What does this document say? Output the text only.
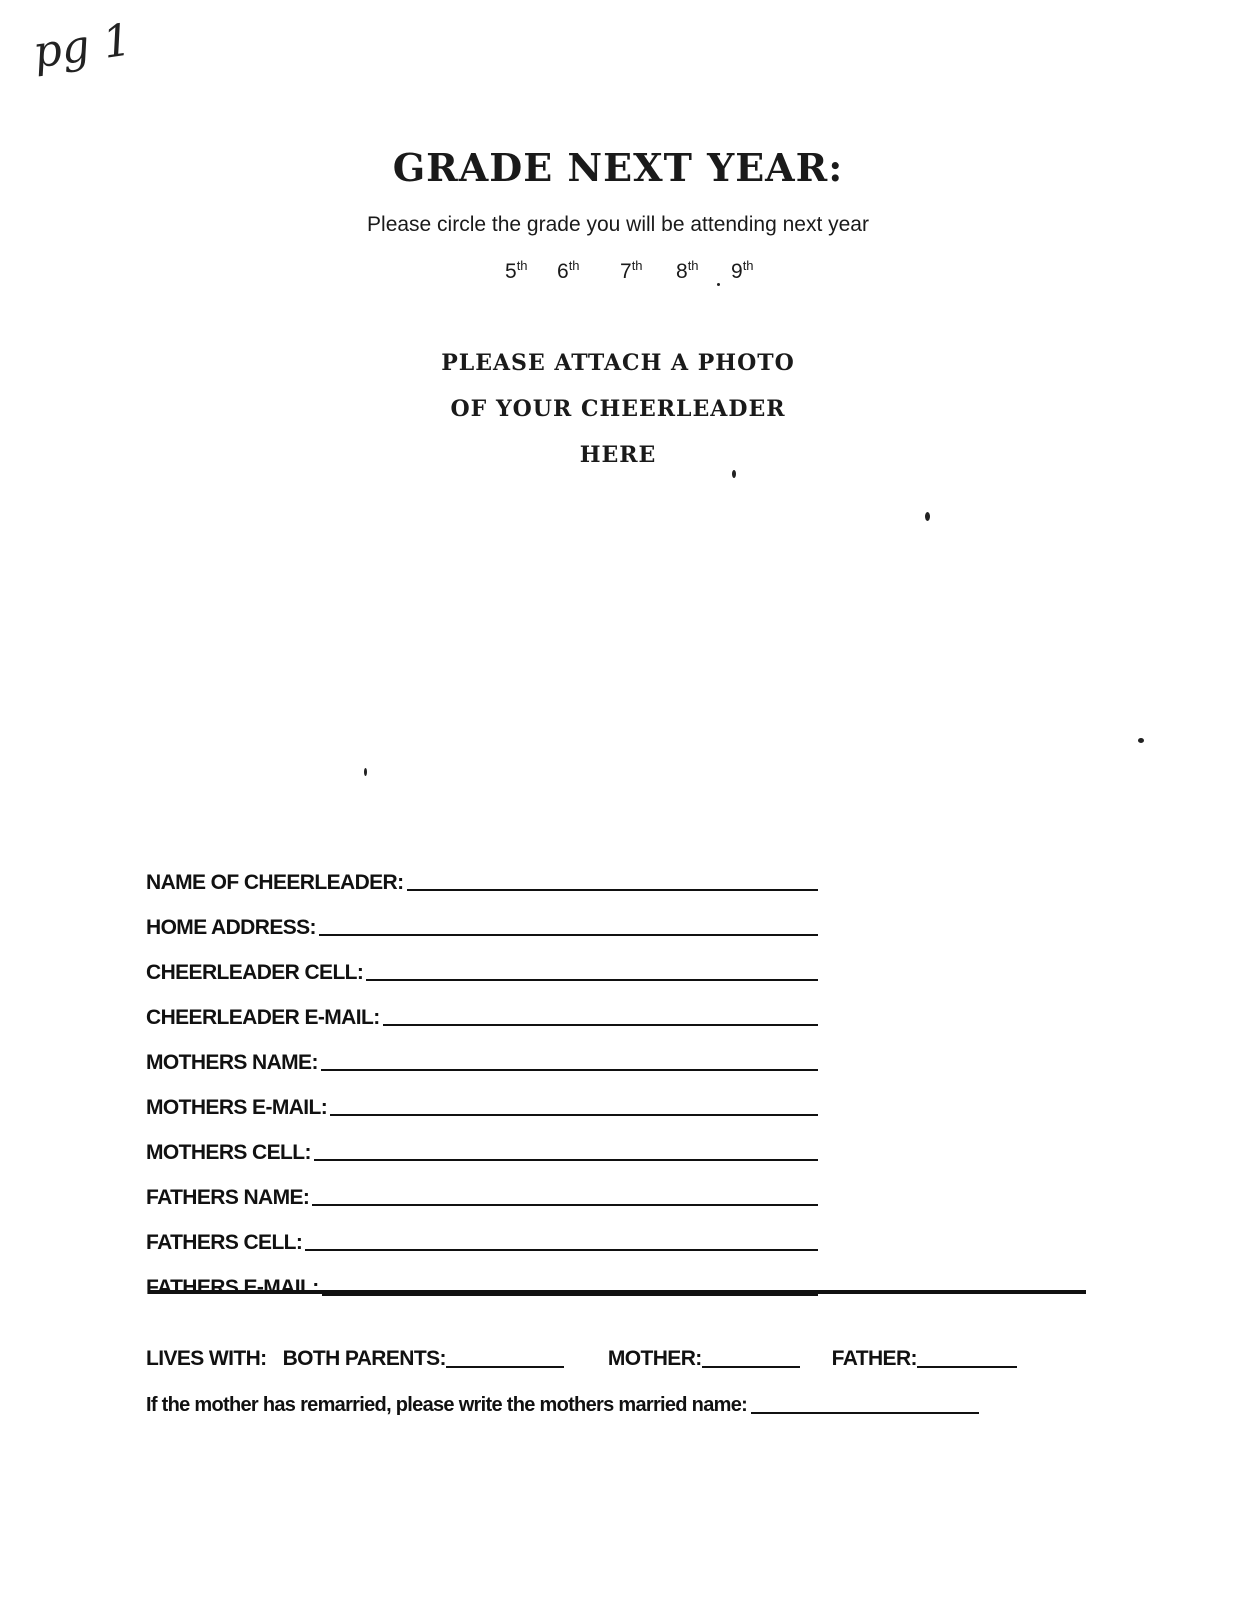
pg 1
GRADE NEXT YEAR:
Please circle the grade you will be attending next year
5th 6th 7th 8th 9th
PLEASE ATTACH A PHOTO
OF YOUR CHEERLEADER
HERE
NAME OF CHEERLEADER:
HOME ADDRESS:
CHEERLEADER CELL:
CHEERLEADER E-MAIL:
MOTHERS NAME:
MOTHERS E-MAIL:
MOTHERS CELL:
FATHERS NAME:
FATHERS CELL:
FATHERS E-MAIL:
LIVES WITH: BOTH PARENTS:	MOTHER:	FATHER:
If the mother has remarried, please write the mothers married name:
